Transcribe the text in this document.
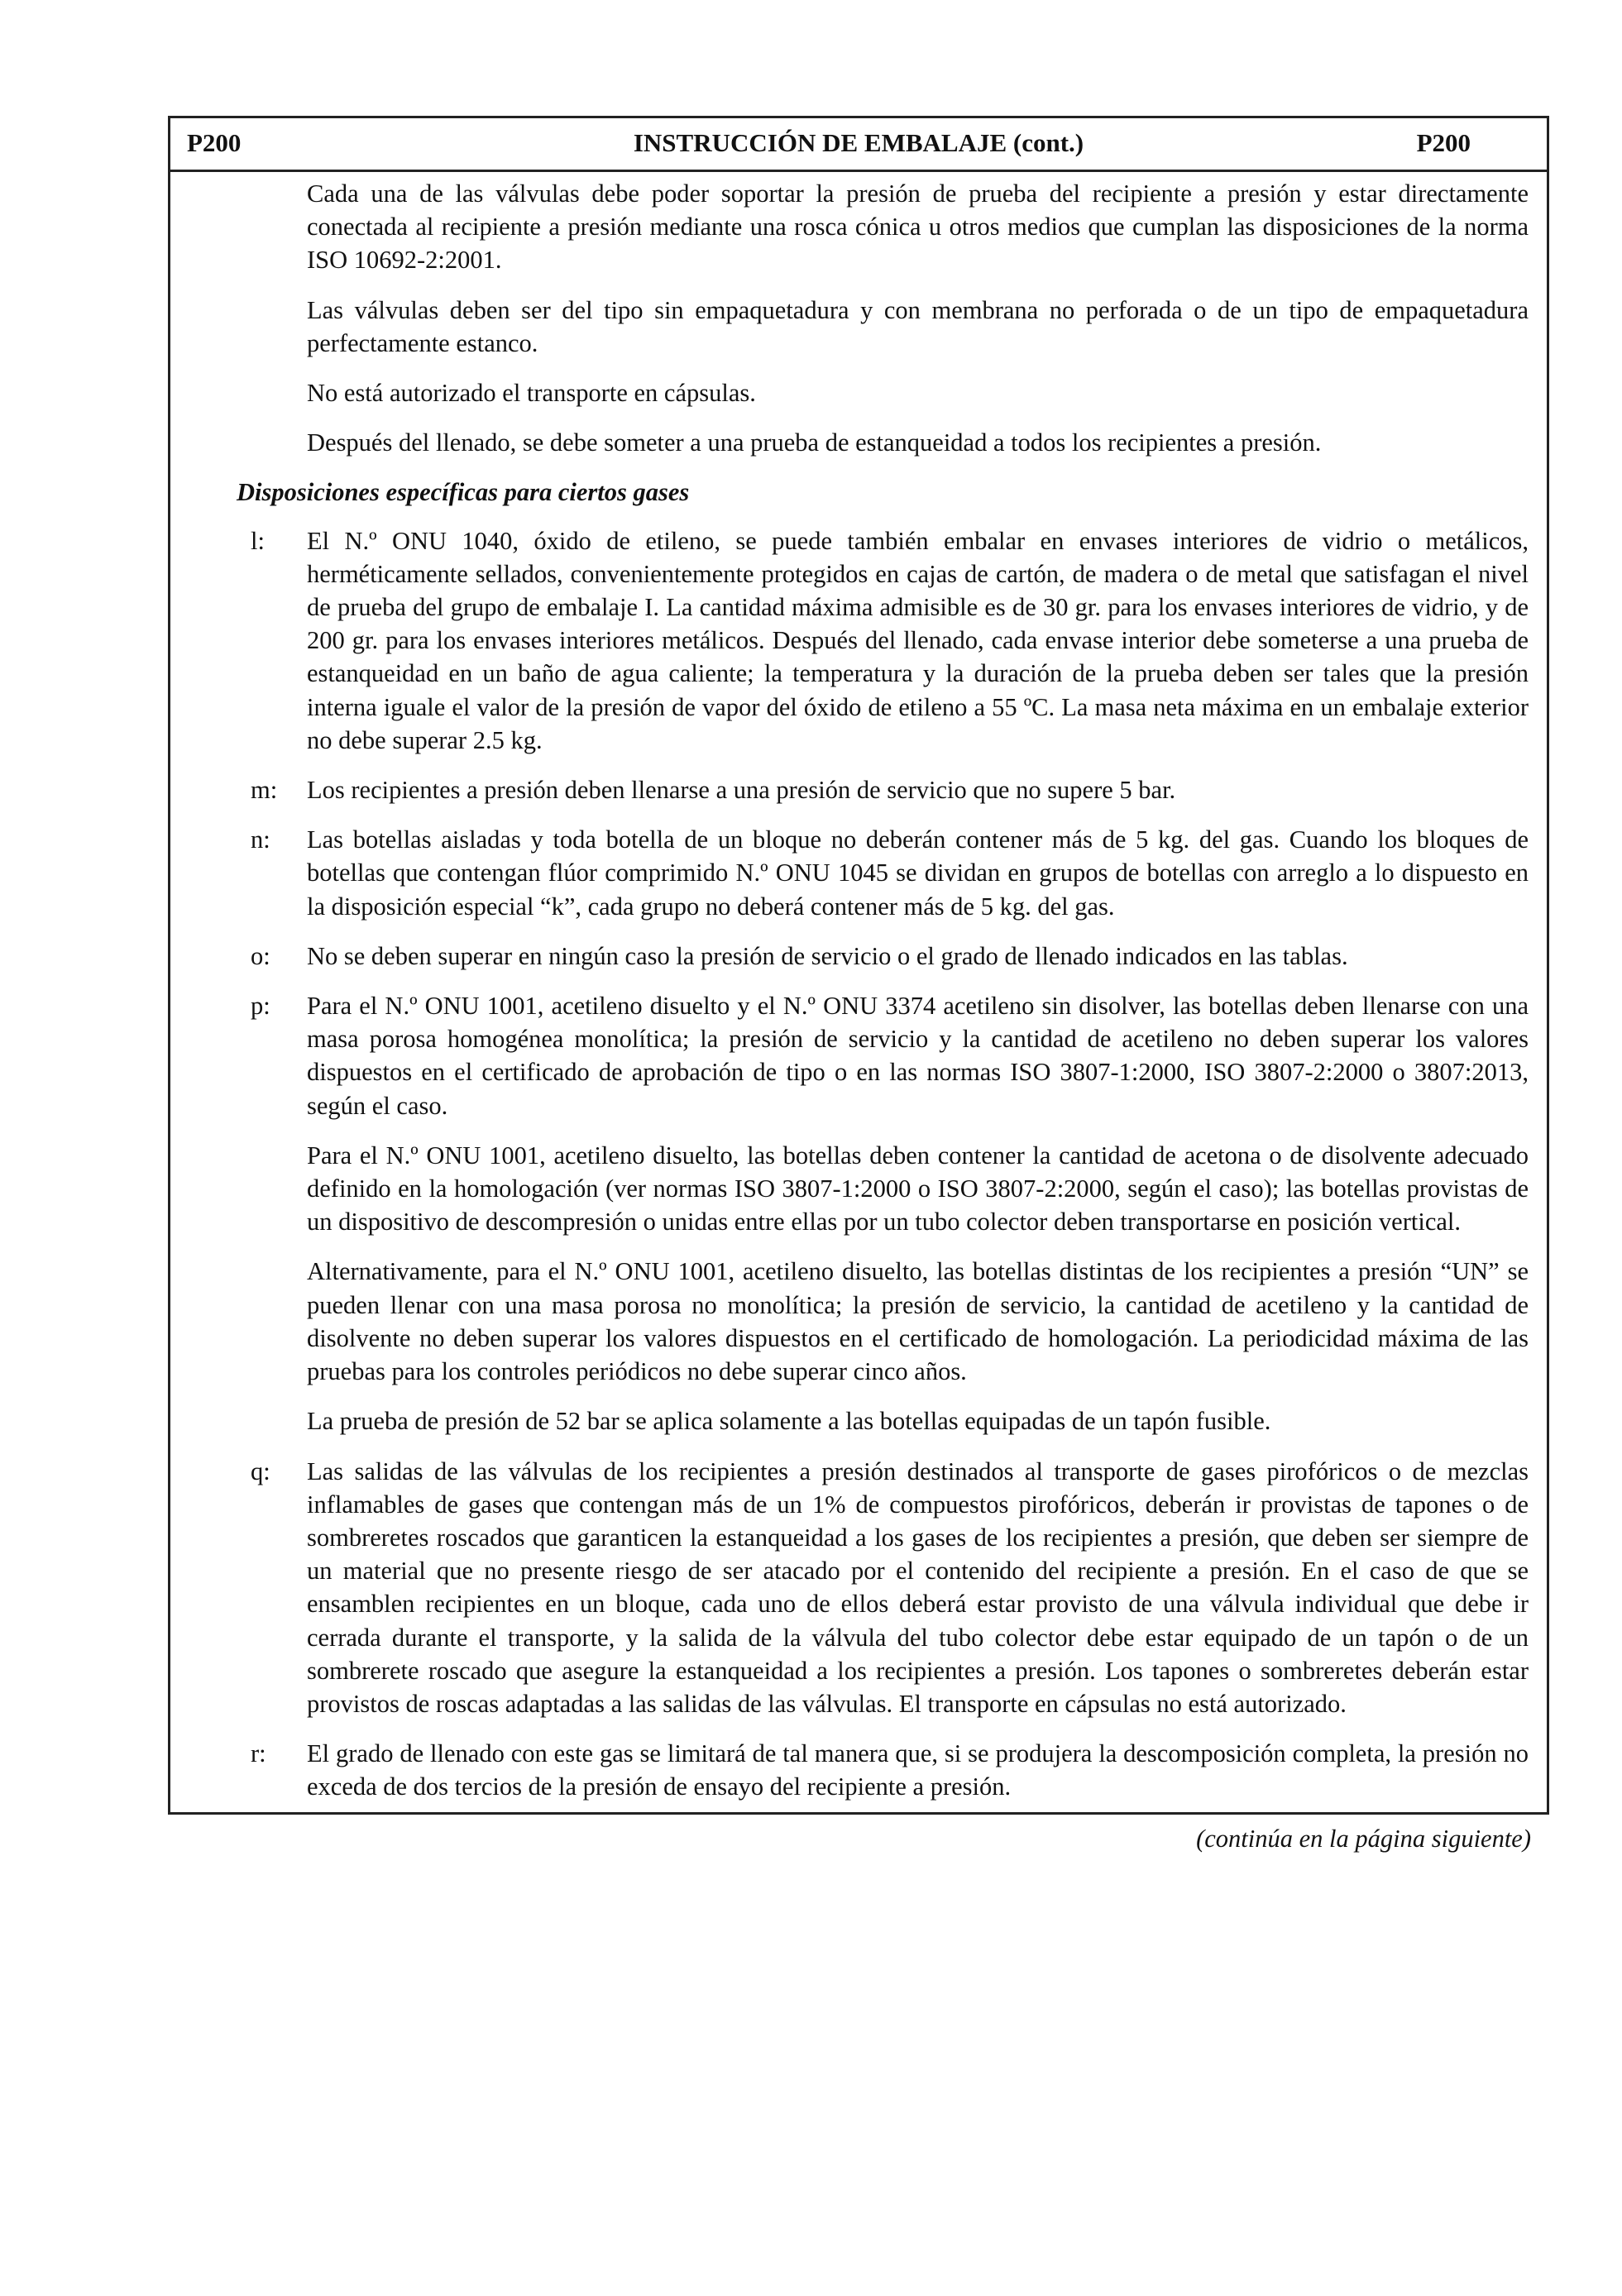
P200	INSTRUCCIÓN DE EMBALAJE (cont.)	P200

Cada una de las válvulas debe poder soportar la presión de prueba del recipiente a presión y estar directamente conectada al recipiente a presión mediante una rosca cónica u otros medios que cumplan las disposiciones de la norma ISO 10692-2:2001.

Las válvulas deben ser del tipo sin empaquetadura y con membrana no perforada o de un tipo de empaquetadura perfectamente estanco.

No está autorizado el transporte en cápsulas.

Después del llenado, se debe someter a una prueba de estanqueidad a todos los recipientes a presión.

Disposiciones específicas para ciertos gases
l:	El N.º ONU 1040, óxido de etileno, se puede también embalar en envases interiores de vidrio o metálicos, herméticamente sellados, convenientemente protegidos en cajas de cartón, de madera o de metal que satisfagan el nivel de prueba del grupo de embalaje I. La cantidad máxima admisible es de 30 gr. para los envases interiores de vidrio, y de 200 gr. para los envases interiores metálicos. Después del llenado, cada envase interior debe someterse a una prueba de estanqueidad en un baño de agua caliente; la temperatura y la duración de la prueba deben ser tales que la presión interna iguale el valor de la presión de vapor del óxido de etileno a 55 ºC. La masa neta máxima en un embalaje exterior no debe superar 2.5 kg.

m:	Los recipientes a presión deben llenarse a una presión de servicio que no supere 5 bar.

n:	Las botellas aisladas y toda botella de un bloque no deberán contener más de 5 kg. del gas. Cuando los bloques de botellas que contengan flúor comprimido N.º ONU 1045 se dividan en grupos de botellas con arreglo a lo dispuesto en la disposición especial “k”, cada grupo no deberá contener más de 5 kg. del gas.

o:	No se deben superar en ningún caso la presión de servicio o el grado de llenado indicados en las tablas.

p:	Para el N.º ONU 1001, acetileno disuelto y el N.º ONU 3374 acetileno sin disolver, las botellas deben llenarse con una masa porosa homogénea monolítica; la presión de servicio y la cantidad de acetileno no deben superar los valores dispuestos en el certificado de aprobación de tipo o en las normas ISO 3807-1:2000, ISO 3807-2:2000 o 3807:2013, según el caso.

Para el N.º ONU 1001, acetileno disuelto, las botellas deben contener la cantidad de acetona o de disolvente adecuado definido en la homologación (ver normas ISO 3807-1:2000 o ISO 3807-2:2000, según el caso); las botellas provistas de un dispositivo de descompresión o unidas entre ellas por un tubo colector deben transportarse en posición vertical.

Alternativamente, para el N.º ONU 1001, acetileno disuelto, las botellas distintas de los recipientes a presión “UN” se pueden llenar con una masa porosa no monolítica; la presión de servicio, la cantidad de acetileno y la cantidad de disolvente no deben superar los valores dispuestos en el certificado de homologación. La periodicidad máxima de las pruebas para los controles periódicos no debe superar cinco años.

La prueba de presión de 52 bar se aplica solamente a las botellas equipadas de un tapón fusible.

q:	Las salidas de las válvulas de los recipientes a presión destinados al transporte de gases pirofóricos o de mezclas inflamables de gases que contengan más de un 1% de compuestos pirofóricos, deberán ir provistas de tapones o de sombreretes roscados que garanticen la estanqueidad a los gases de los recipientes a presión, que deben ser siempre de un material que no presente riesgo de ser atacado por el contenido del recipiente a presión. En el caso de que se ensamblen recipientes en un bloque, cada uno de ellos deberá estar provisto de una válvula individual que debe ir cerrada durante el transporte, y la salida de la válvula del tubo colector debe estar equipado de un tapón o de un sombrerete roscado que asegure la estanqueidad a los recipientes a presión. Los tapones o sombreretes deberán estar provistos de roscas adaptadas a las salidas de las válvulas. El transporte en cápsulas no está autorizado.

r:	El grado de llenado con este gas se limitará de tal manera que, si se produjera la descomposición completa, la presión no exceda de dos tercios de la presión de ensayo del recipiente a presión.

(continúa en la página siguiente)
